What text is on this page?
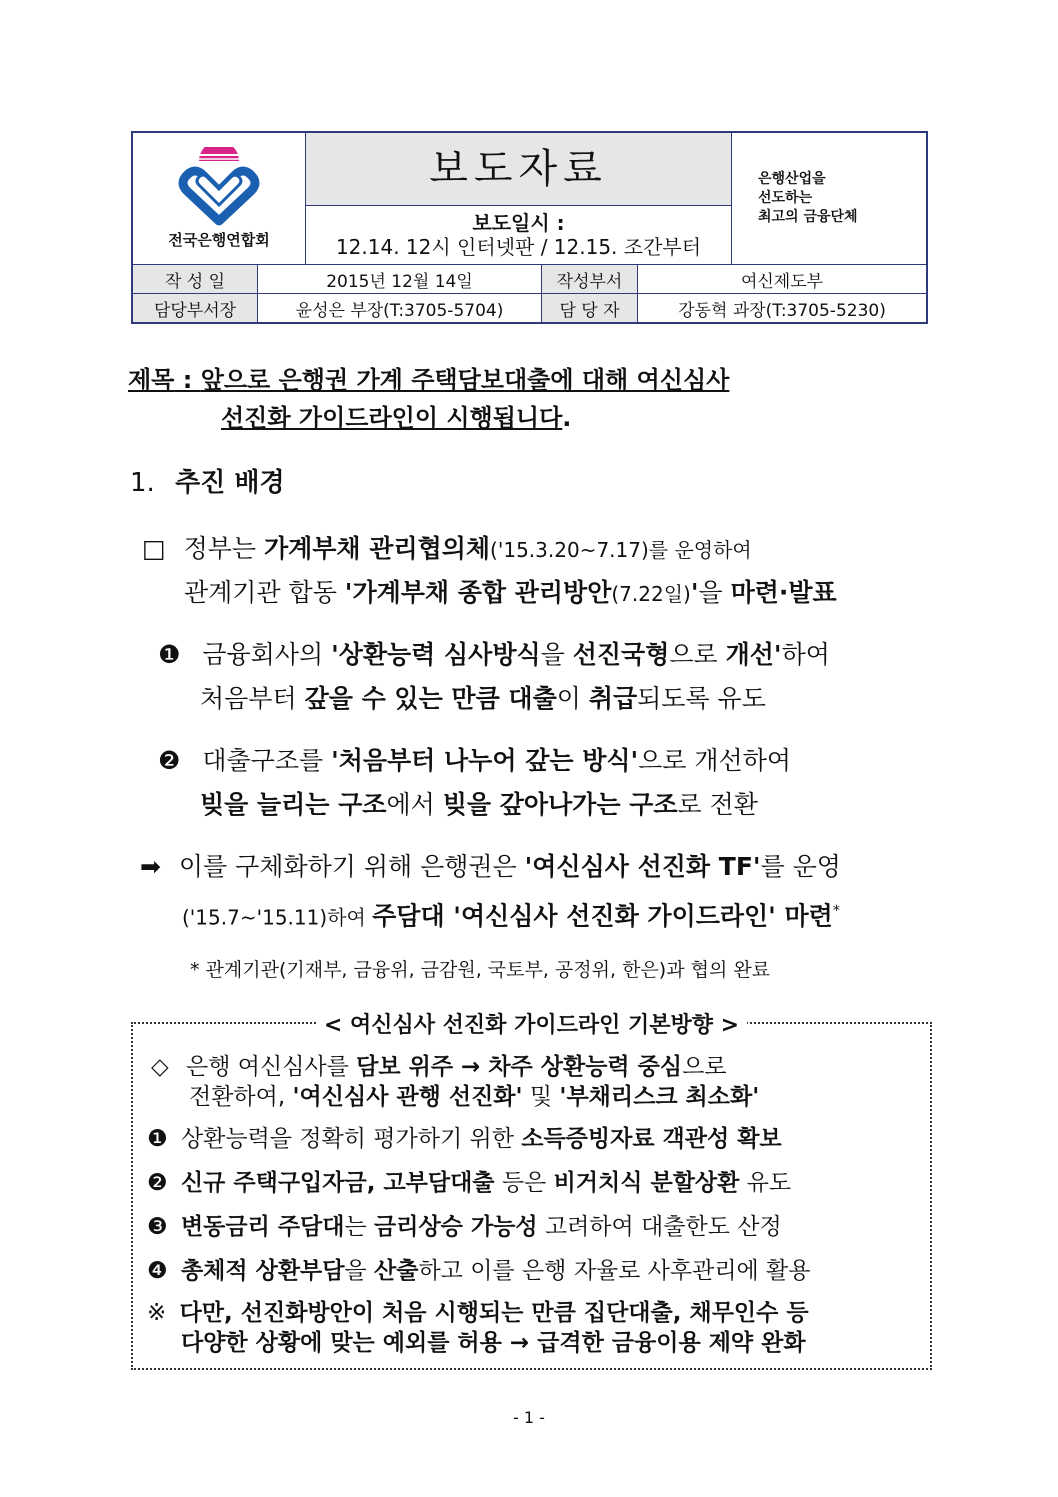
전국은행연합회
	보도자료	은행산업을
선도하는
최고의 금융단체

보도일시 :
12.14. 12시 인터넷판 / 12.15. 조간부터

작 성 일	2015년 12월 14일	작성부서	여신제도부
담당부서장	윤성은 부장(T:3705-5704)	담 당 자	강동혁 과장(T:3705-5230)
제목 : 앞으로 은행권 가계 주택담보대출에 대해 여신심사
선진화 가이드라인이 시행됩니다.
1. 추진 배경
□ 정부는 가계부채 관리협의체('15.3.20~7.17)를 운영하여
관계기관 합동 '가계부채 종합 관리방안(7.22일)'을 마련·발표
❶ 금융회사의 '상환능력 심사방식을 선진국형으로 개선'하여
처음부터 갚을 수 있는 만큼 대출이 취급되도록 유도
❷ 대출구조를 '처음부터 나누어 갚는 방식'으로 개선하여
빚을 늘리는 구조에서 빚을 갚아나가는 구조로 전환
➡ 이를 구체화하기 위해 은행권은 '여신심사 선진화 TF'를 운영
('15.7~'15.11)하여 주담대 '여신심사 선진화 가이드라인' 마련*
* 관계기관(기재부, 금융위, 금감원, 국토부, 공정위, 한은)과 협의 완료
< 여신심사 선진화 가이드라인 기본방향 >
◇ 은행 여신심사를 담보 위주 → 차주 상환능력 중심으로
전환하여, '여신심사 관행 선진화' 및 '부채리스크 최소화'
❶ 상환능력을 정확히 평가하기 위한 소득증빙자료 객관성 확보
❷ 신규 주택구입자금, 고부담대출 등은 비거치식 분할상환 유도
❸ 변동금리 주담대는 금리상승 가능성 고려하여 대출한도 산정
❹ 총체적 상환부담을 산출하고 이를 은행 자율로 사후관리에 활용
※ 다만, 선진화방안이 처음 시행되는 만큼 집단대출, 채무인수 등
다양한 상황에 맞는 예외를 허용 → 급격한 금융이용 제약 완화
- 1 -
